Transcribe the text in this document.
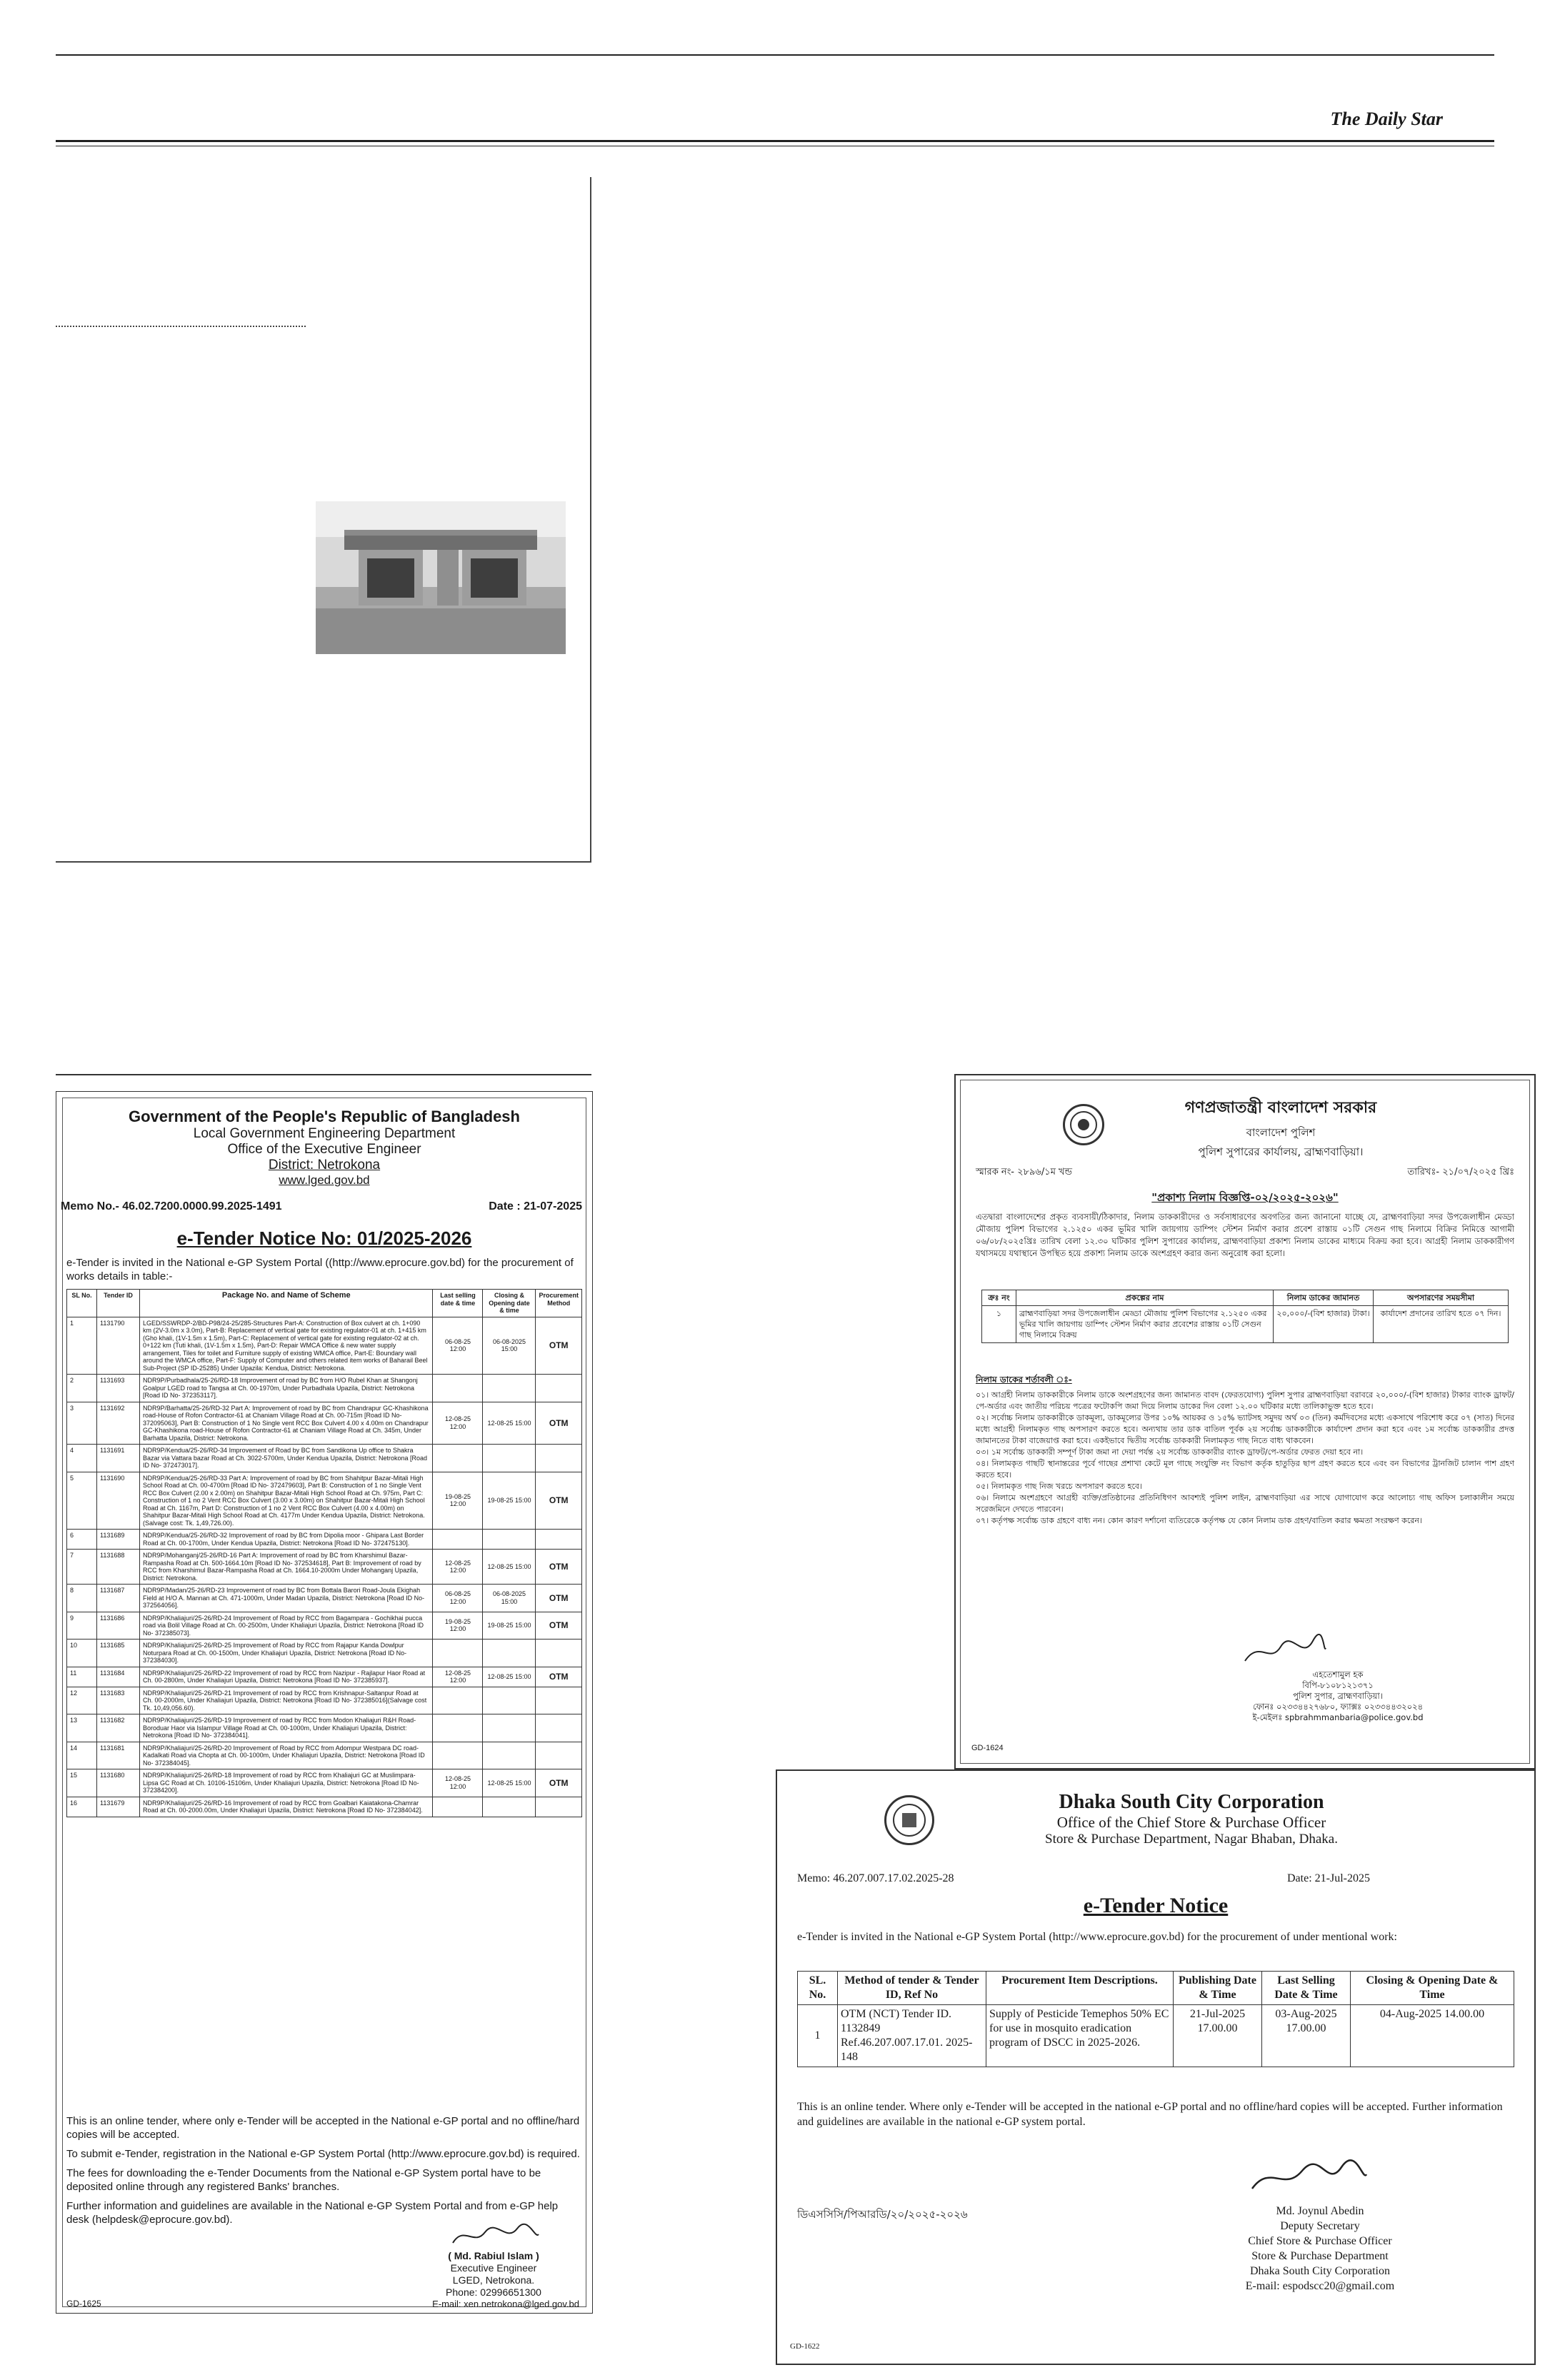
The Daily Star
Government of the People's Republic of Bangladesh
Local Government Engineering Department
Office of the Executive Engineer
District: Netrokona
www.lged.gov.bd
Memo No.- 46.02.7200.0000.99.2025-1491	Date : 21-07-2025
e-Tender Notice No: 01/2025-2026
e-Tender is invited in the National e-GP System Portal ((http://www.eprocure.gov.bd) for the procurement of works details in table:-
SL No.	Tender ID	Package No. and Name of Scheme	Last selling date & time	Closing & Opening date & time	Procurement Method
1	1131790	LGED/SSWRDP-2/BD-P98/24-25/285-Structures Part-A: Construction of Box culvert at ch. 1+090 km (2V-3.0m x 3.0m), Part-B: Replacement of vertical gate for existing regulator-01 at ch. 1+415 km (Gho khali, (1V-1.5m x 1.5m), Part-C: Replacement of vertical gate for existing regulator-02 at ch. 0+122 km (Tuti khali, (1V-1.5m x 1.5m), Part-D: Repair WMCA Office & new water supply arrangement, Tiles for toilet and Furniture supply of existing WMCA office, Part-E: Boundary wall around the WMCA office, Part-F: Supply of Computer and others related item works of Baharail Beel Sub-Project (SP ID-25285) Under Upazila: Kendua, District: Netrokona.	06-08-25 12:00	06-08-2025 15:00	OTM
2	1131693	NDR9P/Purbadhala/25-26/RD-18 Improvement of road by BC from H/O Rubel Khan at Shangonj Goalpur LGED road to Tangsa at Ch. 00-1970m, Under Purbadhala Upazila, District: Netrokona [Road ID No- 372353117].			
3	1131692	NDR9P/Barhatta/25-26/RD-32 Part A: Improvement of road by BC from Chandrapur GC-Khashikona road-House of Rofon Contractor-61 at Chaniam Village Road at Ch. 00-715m [Road ID No- 372095063], Part B: Construction of 1 No Single vent RCC Box Culvert 4.00 x 4.00m on Chandrapur GC-Khashikona road-House of Rofon Contractor-61 at Chaniam Village Road at Ch. 345m, Under Barhatta Upazila, District: Netrokona.	12-08-25 12:00	12-08-25 15:00	OTM
4	1131691	NDR9P/Kendua/25-26/RD-34 Improvement of Road by BC from Sandikona Up office to Shakra Bazar via Vattara bazar Road at Ch. 3022-5700m, Under Kendua Upazila, District: Netrokona [Road ID No- 372473017].			
5	1131690	NDR9P/Kendua/25-26/RD-33 Part A: Improvement of road by BC from Shahitpur Bazar-Mitali High School Road at Ch. 00-4700m [Road ID No- 372479603], Part B: Construction of 1 no Single Vent RCC Box Culvert (2.00 x 2.00m) on Shahitpur Bazar-Mitali High School Road at Ch. 975m, Part C: Construction of 1 no 2 Vent RCC Box Culvert (3.00 x 3.00m) on Shahitpur Bazar-Mitali High School Road at Ch. 1167m, Part D: Construction of 1 no 2 Vent RCC Box Culvert (4.00 x 4.00m) on Shahitpur Bazar-Mitali High School Road at Ch. 4177m Under Kendua Upazila, District: Netrokona. (Salvage cost: Tk. 1,49,726.00).	19-08-25 12:00	19-08-25 15:00	OTM
6	1131689	NDR9P/Kendua/25-26/RD-32 Improvement of road by BC from Dipolia moor - Ghipara Last Border Road at Ch. 00-1700m, Under Kendua Upazila, District: Netrokona [Road ID No- 372475130].			
7	1131688	NDR9P/Mohanganj/25-26/RD-16 Part A: Improvement of road by BC from Kharshimul Bazar-Rampasha Road at Ch. 500-1664.10m [Road ID No- 372534618], Part B: Improvement of road by RCC from Kharshimul Bazar-Rampasha Road at Ch. 1664.10-2000m Under Mohanganj Upazila, District: Netrokona.	12-08-25 12:00	12-08-25 15:00	OTM
8	1131687	NDR9P/Madan/25-26/RD-23 Improvement of road by BC from Bottala Barori Road-Joula Ekighah Field at H/O A. Mannan at Ch. 471-1000m, Under Madan Upazila, District: Netrokona [Road ID No- 372564056].	06-08-25 12:00	06-08-2025 15:00	OTM
9	1131686	NDR9P/Khaliajuri/25-26/RD-24 Improvement of Road by RCC from Bagampara - Gochikhai pucca road via Bolil Village Road at Ch. 00-2500m, Under Khaliajuri Upazila, District: Netrokona [Road ID No- 372385073].	19-08-25 12:00	19-08-25 15:00	OTM
10	1131685	NDR9P/Khaliajuri/25-26/RD-25 Improvement of Road by RCC from Rajapur Kanda Dowlpur Noturpara Road at Ch. 00-1500m, Under Khaliajuri Upazila, District: Netrokona [Road ID No- 372384030].			
11	1131684	NDR9P/Khaliajuri/25-26/RD-22 Improvement of road by RCC from Nazipur - Rajlapur Haor Road at Ch. 00-2800m, Under Khaliajuri Upazila, District: Netrokona [Road ID No- 372385937].	12-08-25 12:00	12-08-25 15:00	OTM
12	1131683	NDR9P/Khaliajuri/25-26/RD-21 Improvement of road by RCC from Krishnapur-Saltanpur Road at Ch. 00-2000m, Under Khaliajuri Upazila, District: Netrokona [Road ID No- 372385016](Salvage cost Tk. 10,49,056.60).			
13	1131682	NDR9P/Khaliajuri/25-26/RD-19 Improvement of road by RCC from Modon Khaliajuri R&H Road-Boroduar Haor via Islampur Village Road at Ch. 00-1000m, Under Khaliajuri Upazila, District: Netrokona [Road ID No- 372384041].			
14	1131681	NDR9P/Khaliajuri/25-26/RD-20 Improvement of Road by RCC from Adompur Westpara DC road-Kadalkati Road via Chopta at Ch. 00-1000m, Under Khaliajuri Upazila, District: Netrokona [Road ID No- 372384045].			
15	1131680	NDR9P/Khaliajuri/25-26/RD-18 Improvement of road by RCC from Khaliajuri GC at Muslimpara-Lipsa GC Road at Ch. 10106-15106m, Under Khaliajuri Upazila, District: Netrokona [Road ID No- 372384200].	12-08-25 12:00	12-08-25 15:00	OTM
16	1131679	NDR9P/Khaliajuri/25-26/RD-16 Improvement of road by RCC from Goalbari Kaiatakona-Chamrar Road at Ch. 00-2000.00m, Under Khaliajuri Upazila, District: Netrokona [Road ID No- 372384042].			
This is an online tender, where only e-Tender will be accepted in the National e-GP portal and no offline/hard copies will be accepted.
To submit e-Tender, registration in the National e-GP System Portal (http://www.eprocure.gov.bd) is required.
The fees for downloading the e-Tender Documents from the National e-GP System portal have to be deposited online through any registered Banks' branches.
Further information and guidelines are available in the National e-GP System Portal and from e-GP help desk (helpdesk@eprocure.gov.bd).
( Md. Rabiul Islam )
Executive Engineer
LGED, Netrokona.
Phone: 02996651300
E-mail: xen.netrokona@lged.gov.bd
GD-1625
গণপ্রজাতন্ত্রী বাংলাদেশ সরকার
বাংলাদেশ পুলিশ
পুলিশ সুপারের কার্যালয়, ব্রাহ্মণবাড়িয়া।
স্মারক নং- ২৮৯৬/১ম খন্ড	তারিখঃ- ২১/০৭/২০২৫ খ্রিঃ
"প্রকাশ্য নিলাম বিজ্ঞপ্তি-০২/২০২৫-২০২৬"
এতদ্বারা বাংলাদেশের প্রকৃত ব্যবসায়ী/ঠিকাদার, নিলাম ডাককারীদের ও সর্বসাধারণের অবগতির জন্য জানানো যাচ্ছে যে, ব্রাহ্মণবাড়িয়া সদর উপজেলাধীন মেড্ডা মৌজায় পুলিশ বিভাগের ২.১২৫০ একর ভূমির খালি জায়গায় ডাম্পিং স্টেশন নির্মাণ করার প্রবেশ রাস্তায় ০১টি সেগুন গাছ নিলামে বিক্রির নিমিত্তে আগামী ০৬/০৮/২০২৫খ্রিঃ তারিখ বেলা ১২.৩০ ঘটিকার পুলিশ সুপারের কার্যালয়, ব্রাহ্মণবাড়িয়া প্রকাশ্য নিলাম ডাকের মাধ্যমে বিক্রয় করা হবে। আগ্রহী নিলাম ডাককারীগণ যথাসময়ে যথাস্থানে উপস্থিত হয়ে প্রকাশ্য নিলাম ডাকে অংশগ্রহণ করার জন্য অনুরোধ করা হলো।
ক্রঃ নং	প্রকল্পের নাম	নিলাম ডাকের জামানত	অপসারণের সময়সীমা
১	ব্রাহ্মণবাড়িয়া সদর উপজেলাধীন মেড্ডা মৌজায় পুলিশ বিভাগের ২.১২৫০ একর ভূমির খালি জায়গায় ডাম্পিং স্টেশন নির্মাণ করার প্রবেশের রাস্তায় ০১টি সেগুন গাছ নিলামে বিক্রয়	২০,০০০/-(বিশ হাজার) টাকা।	কার্যাদেশ প্রদানের তারিখ হতে ০৭ দিন।
নিলাম ডাকের শর্তাবলী ঃ-
০১। আগ্রহী নিলাম ডাককারীকে নিলাম ডাকে অংশগ্রহণের জন্য জামানত বাবদ (ফেরতযোগ্য) পুলিশ সুপার ব্রাহ্মণবাড়িয়া বরাবরে ২০,০০০/-(বিশ হাজার) টাকার ব্যাংক ড্রাফট/পে-অর্ডার এবং জাতীয় পরিচয় পত্রের ফটোকপি জমা দিয়ে নিলাম ডাকের দিন বেলা ১২.০০ ঘটিকার মধ্যে তালিকাভুক্ত হতে হবে।
০২। সর্বোচ্চ নিলাম ডাককারীকে ডাকমূল্য, ডাকমূল্যের উপর ১০% আয়কর ও ১৫% ভ্যাটসহ সমুদয় অর্থ ০৩ (তিন) কর্মদিবসের মধ্যে একসাথে পরিশোধ করে ০৭ (সাত) দিনের মধ্যে আগ্রহী নিলামকৃত গাছ অপসারণ করতে হবে। অন্যথায় তার ডাক বাতিল পূর্বক ২য় সর্বোচ্চ ডাককারীকে কার্যাদেশ প্রদান করা হবে এবং ১ম সর্বোচ্চ ডাককারীর প্রদত্ত জামানতের টাকা বাজেয়াপ্ত করা হবে। একইভাবে দ্বিতীয় সর্বোচ্চ ডাককারী নিলামকৃত গাছ নিতে বাধ্য থাকবেন।
০৩। ১ম সর্বোচ্চ ডাককারী সম্পূর্ণ টাকা জমা না দেয়া পর্যন্ত ২য় সর্বোচ্চ ডাককারীর ব্যাংক ড্রাফট/পে-অর্ডার ফেরত দেয়া হবে না।
০৪। নিলামকৃত গাছটি স্থানান্তরের পূর্বে গাছের প্রশাখা কেটে মূল গাছে সংযুক্তি নং বিভাগ কর্তৃক হাতুড়ির ছাপ গ্রহণ করতে হবে এবং বন বিভাগের ট্রানজিট চালান পাশ গ্রহণ করতে হবে।
০৫। নিলামকৃত গাছ নিজ খরচে অপসারণ করতে হবে।
০৬। নিলামে অংশগ্রহণে আগ্রহী ব্যক্তি/প্রতিষ্ঠানের প্রতিনিধিগণ আবশ্যই পুলিশ লাইন, ব্রাহ্মণবাড়িয়া এর সাথে যোগাযোগ করে আলোচ্য গাছ অফিস চলাকালীন সময়ে সরেজমিনে দেখতে পারবেন।
০৭। কর্তৃপক্ষ সর্বোচ্চ ডাক গ্রহণে বাধ্য নন। কোন কারণ দর্শানো ব্যতিরেকে কর্তৃপক্ষ যে কোন নিলাম ডাক গ্রহণ/বাতিল করার ক্ষমতা সংরক্ষণ করেন।
এহতেশামুল হক
বিপি-৮১০৮১২১৩৭১
পুলিশ সুপার, ব্রাহ্মণবাড়িয়া।
ফোনঃ ০২৩৩৪৪২৭৬৮০, ফ্যাক্সঃ ০২৩৩৪৪৩২০২৪
ই-মেইলঃ spbrahmmanbaria@police.gov.bd
GD-1624
Dhaka South City Corporation
Office of the Chief Store & Purchase Officer
Store & Purchase Department, Nagar Bhaban, Dhaka.
Memo: 46.207.007.17.02.2025-28	Date: 21-Jul-2025
e-Tender Notice
e-Tender is invited in the National e-GP System Portal (http://www.eprocure.gov.bd) for the procurement of under mentional work:
SL. No.	Method of tender & Tender ID, Ref No	Procurement Item Descriptions.	Publishing Date & Time	Last Selling Date & Time	Closing & Opening Date & Time
1	OTM (NCT) Tender ID. 1132849 Ref.46.207.007.17.01. 2025-148	Supply of Pesticide Temephos 50% EC for use in mosquito eradication program of DSCC in 2025-2026.	21-Jul-2025 17.00.00	03-Aug-2025 17.00.00	04-Aug-2025 14.00.00
This is an online tender. Where only e-Tender will be accepted in the national e-GP portal and no offline/hard copies will be accepted. Further information and guidelines are available in the national e-GP system portal.
ডিএসসিসি/পিআরডি/২০/২০২৫-২০২৬	Md. Joynul Abedin
Deputy Secretary
Chief Store & Purchase Officer
Store & Purchase Department
Dhaka South City Corporation
E-mail: espodscc20@gmail.com
GD-1622
